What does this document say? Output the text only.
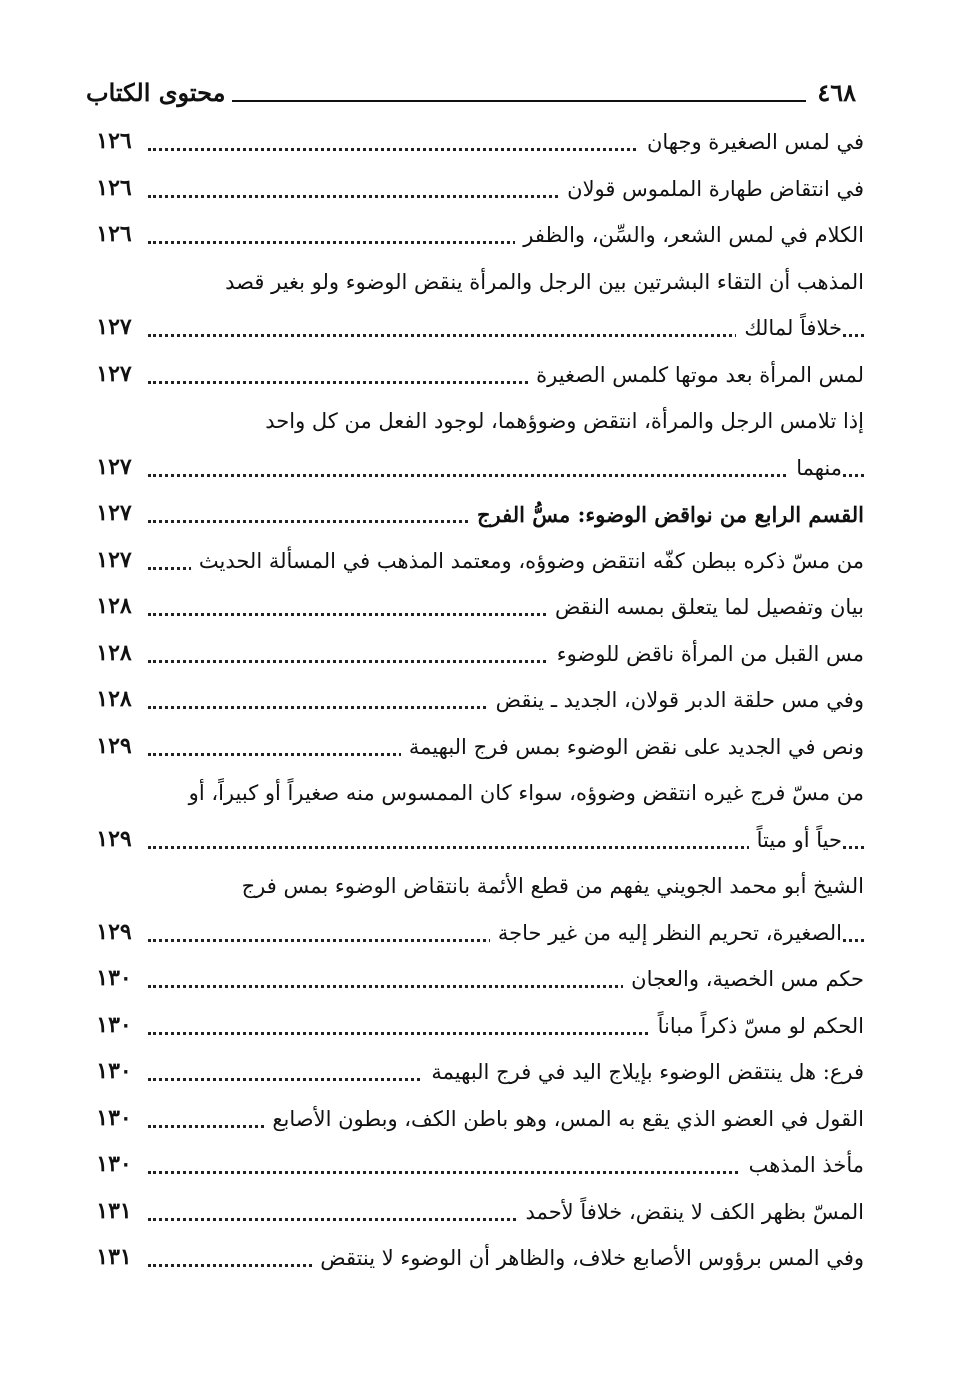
٤٦٨
محتوى الكتاب
في لمس الصغيرة وجهان
١٢٦
في انتقاض طهارة الملموس قولان
١٢٦
الكلام في لمس الشعر، والسِّن، والظفر
١٢٦
المذهب أن التقاء البشرتين بين الرجل والمرأة ينقض الوضوء ولو بغير قصد
خلافاً لمالك
١٢٧
لمس المرأة بعد موتها كلمس الصغيرة
١٢٧
إذا تلامس الرجل والمرأة، انتقض وضوؤهما، لوجود الفعل من كل واحد
منهما
١٢٧
القسم الرابع من نواقض الوضوء: مسُّ الفرج
١٢٧
من مسّ ذكره ببطن كفّه انتقض وضوؤه، ومعتمد المذهب في المسألة الحديث
١٢٧
بيان وتفصيل لما يتعلق بمسه النقض
١٢٨
مس القبل من المرأة ناقض للوضوء
١٢٨
وفي مس حلقة الدبر قولان، الجديد ـ ينقض
١٢٨
ونص في الجديد على نقض الوضوء بمس فرج البهيمة
١٢٩
من مسّ فرج غيره انتقض وضوؤه، سواء كان الممسوس منه صغيراً أو كبيراً، أو
حياً أو ميتاً
١٢٩
الشيخ أبو محمد الجويني يفهم من قطع الأئمة بانتقاض الوضوء بمس فرج
الصغيرة، تحريم النظر إليه من غير حاجة
١٢٩
حكم مس الخصية، والعجان
١٣٠
الحكم لو مسّ ذكراً مباناً
١٣٠
فرع: هل ينتقض الوضوء بإيلاج اليد في فرج البهيمة
١٣٠
القول في العضو الذي يقع به المس، وهو باطن الكف، وبطون الأصابع
١٣٠
مأخذ المذهب
١٣٠
المسّ بظهر الكف لا ينقض، خلافاً لأحمد
١٣١
وفي المس برؤوس الأصابع خلاف، والظاهر أن الوضوء لا ينتقض
١٣١
